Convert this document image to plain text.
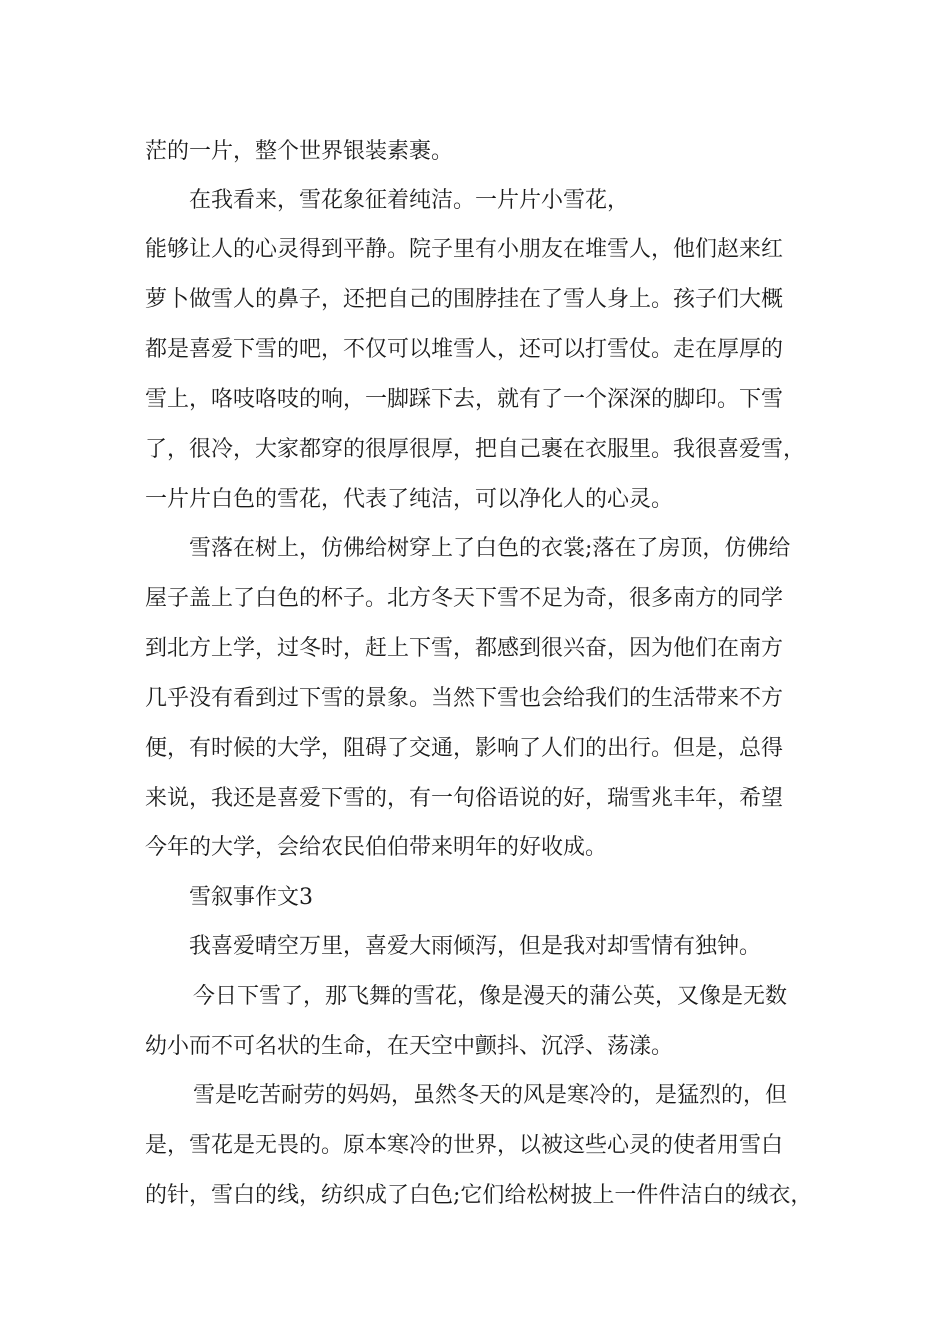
茫的一片，整个世界银装素裹。
在我看来，雪花象征着纯洁。一片片小雪花，
能够让人的心灵得到平静。院子里有小朋友在堆雪人，他们赵来红
萝卜做雪人的鼻子，还把自己的围脖挂在了雪人身上。孩子们大概
都是喜爱下雪的吧，不仅可以堆雪人，还可以打雪仗。走在厚厚的
雪上，咯吱咯吱的响，一脚踩下去，就有了一个深深的脚印。下雪
了，很冷，大家都穿的很厚很厚，把自己裹在衣服里。我很喜爱雪，
一片片白色的雪花，代表了纯洁，可以净化人的心灵。
雪落在树上，仿佛给树穿上了白色的衣裳;落在了房顶，仿佛给
屋子盖上了白色的杯子。北方冬天下雪不足为奇，很多南方的同学
到北方上学，过冬时，赶上下雪，都感到很兴奋，因为他们在南方
几乎没有看到过下雪的景象。当然下雪也会给我们的生活带来不方
便，有时候的大学，阻碍了交通，影响了人们的出行。但是，总得
来说，我还是喜爱下雪的，有一句俗语说的好，瑞雪兆丰年，希望
今年的大学，会给农民伯伯带来明年的好收成。
雪叙事作文3
我喜爱晴空万里，喜爱大雨倾泻，但是我对却雪情有独钟。
今日下雪了，那飞舞的雪花，像是漫天的蒲公英，又像是无数
幼小而不可名状的生命，在天空中颤抖、沉浮、荡漾。
雪是吃苦耐劳的妈妈，虽然冬天的风是寒冷的，是猛烈的，但
是，雪花是无畏的。原本寒冷的世界，以被这些心灵的使者用雪白
的针，雪白的线，纺织成了白色;它们给松树披上一件件洁白的绒衣，
